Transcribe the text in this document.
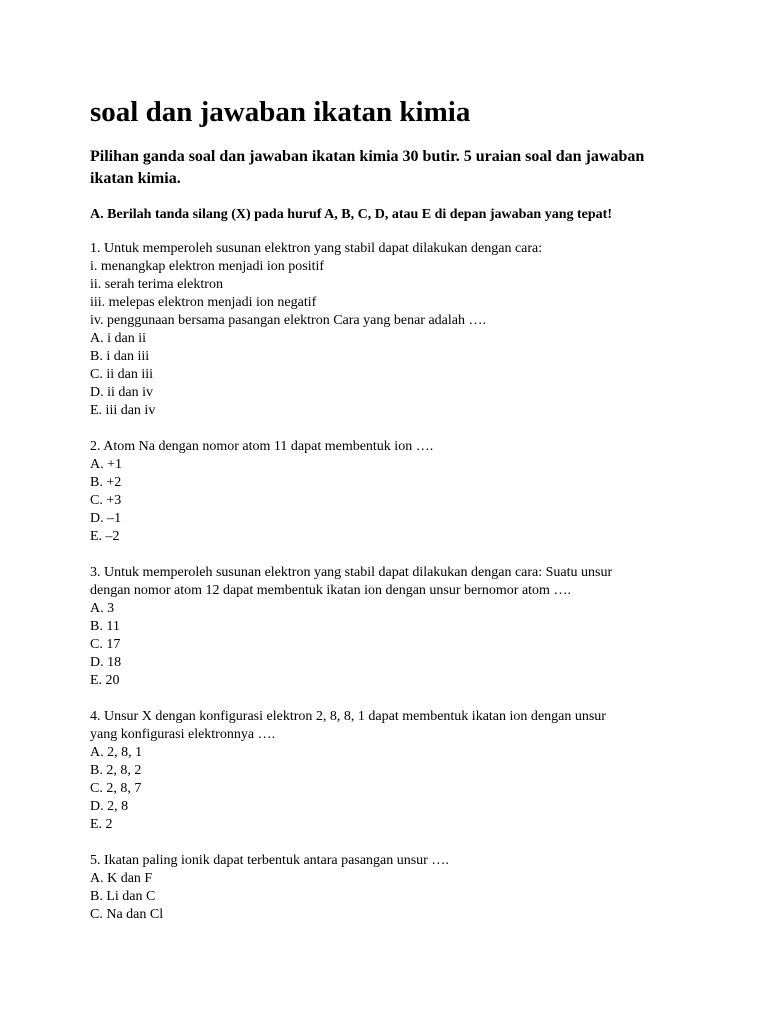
soal dan jawaban ikatan kimia
Pilihan ganda soal dan jawaban ikatan kimia 30 butir. 5 uraian soal dan jawaban ikatan kimia.
A. Berilah tanda silang (X) pada huruf A, B, C, D, atau E di depan jawaban yang tepat!
1. Untuk memperoleh susunan elektron yang stabil dapat dilakukan dengan cara:
i. menangkap elektron menjadi ion positif
ii. serah terima elektron
iii. melepas elektron menjadi ion negatif
iv. penggunaan bersama pasangan elektron Cara yang benar adalah ….
A. i dan ii
B. i dan iii
C. ii dan iii
D. ii dan iv
E. iii dan iv
2. Atom Na dengan nomor atom 11 dapat membentuk ion ….
A. +1
B. +2
C. +3
D. –1
E. –2
3. Untuk memperoleh susunan elektron yang stabil dapat dilakukan dengan cara: Suatu unsur
dengan nomor atom 12 dapat membentuk ikatan ion dengan unsur bernomor atom ….
A. 3
B. 11
C. 17
D. 18
E. 20
4. Unsur X dengan konfigurasi elektron 2, 8, 8, 1 dapat membentuk ikatan ion dengan unsur
yang konfigurasi elektronnya ….
A. 2, 8, 1
B. 2, 8, 2
C. 2, 8, 7
D. 2, 8
E. 2
5. Ikatan paling ionik dapat terbentuk antara pasangan unsur ….
A. K dan F
B. Li dan C
C. Na dan Cl
